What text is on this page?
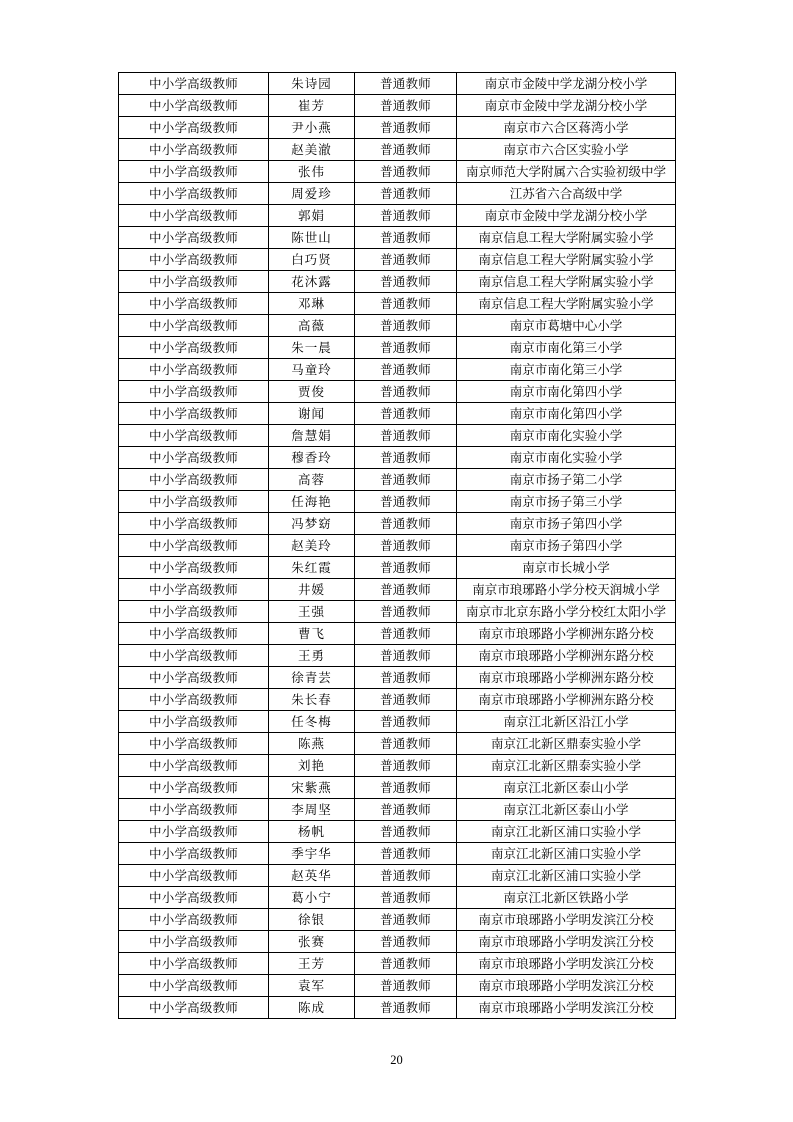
中小学高级教师	朱诗园	普通教师	南京市金陵中学龙湖分校小学
中小学高级教师	崔芳	普通教师	南京市金陵中学龙湖分校小学
中小学高级教师	尹小燕	普通教师	南京市六合区蒋湾小学
中小学高级教师	赵美澈	普通教师	南京市六合区实验小学
中小学高级教师	张伟	普通教师	南京师范大学附属六合实验初级中学
中小学高级教师	周爱珍	普通教师	江苏省六合高级中学
中小学高级教师	郭娟	普通教师	南京市金陵中学龙湖分校小学
中小学高级教师	陈世山	普通教师	南京信息工程大学附属实验小学
中小学高级教师	白巧贤	普通教师	南京信息工程大学附属实验小学
中小学高级教师	花沐露	普通教师	南京信息工程大学附属实验小学
中小学高级教师	邓琳	普通教师	南京信息工程大学附属实验小学
中小学高级教师	高薇	普通教师	南京市葛塘中心小学
中小学高级教师	朱一晨	普通教师	南京市南化第三小学
中小学高级教师	马童玲	普通教师	南京市南化第三小学
中小学高级教师	贾俊	普通教师	南京市南化第四小学
中小学高级教师	谢闻	普通教师	南京市南化第四小学
中小学高级教师	詹慧娟	普通教师	南京市南化实验小学
中小学高级教师	穆香玲	普通教师	南京市南化实验小学
中小学高级教师	高蓉	普通教师	南京市扬子第二小学
中小学高级教师	任海艳	普通教师	南京市扬子第三小学
中小学高级教师	冯梦窈	普通教师	南京市扬子第四小学
中小学高级教师	赵美玲	普通教师	南京市扬子第四小学
中小学高级教师	朱红霞	普通教师	南京市长城小学
中小学高级教师	井媛	普通教师	南京市琅琊路小学分校天润城小学
中小学高级教师	王强	普通教师	南京市北京东路小学分校红太阳小学
中小学高级教师	曹飞	普通教师	南京市琅琊路小学柳洲东路分校
中小学高级教师	王勇	普通教师	南京市琅琊路小学柳洲东路分校
中小学高级教师	徐青芸	普通教师	南京市琅琊路小学柳洲东路分校
中小学高级教师	朱长春	普通教师	南京市琅琊路小学柳洲东路分校
中小学高级教师	任冬梅	普通教师	南京江北新区沿江小学
中小学高级教师	陈燕	普通教师	南京江北新区鼎泰实验小学
中小学高级教师	刘艳	普通教师	南京江北新区鼎泰实验小学
中小学高级教师	宋紫燕	普通教师	南京江北新区泰山小学
中小学高级教师	李周坚	普通教师	南京江北新区泰山小学
中小学高级教师	杨帆	普通教师	南京江北新区浦口实验小学
中小学高级教师	季宇华	普通教师	南京江北新区浦口实验小学
中小学高级教师	赵英华	普通教师	南京江北新区浦口实验小学
中小学高级教师	葛小宁	普通教师	南京江北新区铁路小学
中小学高级教师	徐银	普通教师	南京市琅琊路小学明发滨江分校
中小学高级教师	张赛	普通教师	南京市琅琊路小学明发滨江分校
中小学高级教师	王芳	普通教师	南京市琅琊路小学明发滨江分校
中小学高级教师	袁军	普通教师	南京市琅琊路小学明发滨江分校
中小学高级教师	陈成	普通教师	南京市琅琊路小学明发滨江分校
20
